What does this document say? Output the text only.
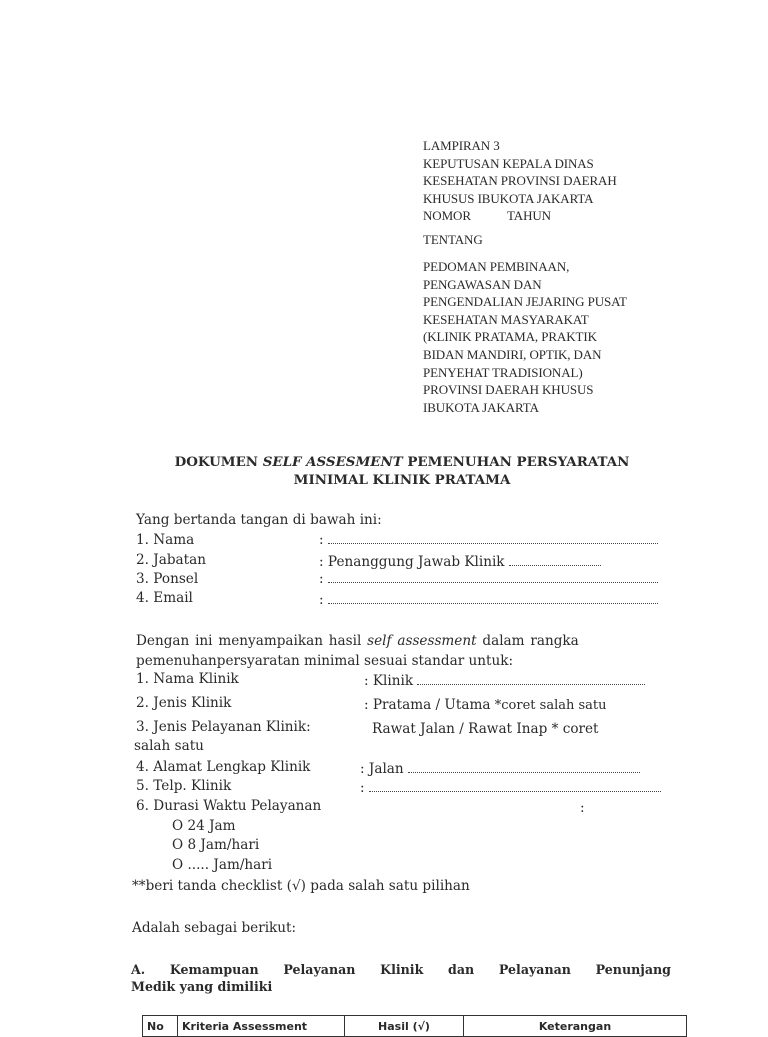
LAMPIRAN 3
KEPUTUSAN KEPALA DINAS
KESEHATAN PROVINSI DAERAH
KHUSUS IBUKOTA JAKARTA
NOMOR	TAHUN
TENTANG
PEDOMAN PEMBINAAN,
PENGAWASAN DAN
PENGENDALIAN JEJARING PUSAT
KESEHATAN MASYARAKAT
(KLINIK PRATAMA, PRAKTIK
BIDAN MANDIRI, OPTIK, DAN
PENYEHAT TRADISIONAL)
PROVINSI DAERAH KHUSUS
IBUKOTA JAKARTA
DOKUMEN SELF ASSESMENT PEMENUHAN PERSYARATAN
MINIMAL KLINIK PRATAMA
Yang bertanda tangan di bawah ini:
1. Nama	:
2. Jabatan	: Penanggung Jawab Klinik
3. Ponsel	:
4. Email	:
Dengan ini menyampaikan hasil self assessment dalam rangka
pemenuhanpersyaratan minimal sesuai standar untuk:
1. Nama Klinik	: Klinik
2. Jenis Klinik	: Pratama / Utama *coret salah satu
3. Jenis Pelayanan Klinik:	Rawat Jalan / Rawat Inap * coret
salah satu
4. Alamat Lengkap Klinik	: Jalan
5. Telp. Klinik	:
6. Durasi Waktu Pelayanan	:
O 24 Jam
O 8 Jam/hari
O ..... Jam/hari
**beri tanda checklist (√) pada salah satu pilihan
Adalah sebagai berikut:
A. Kemampuan Pelayanan Klinik dan Pelayanan Penunjang
Medik yang dimiliki
No	Kriteria Assessment	Hasil (√)	Keterangan
